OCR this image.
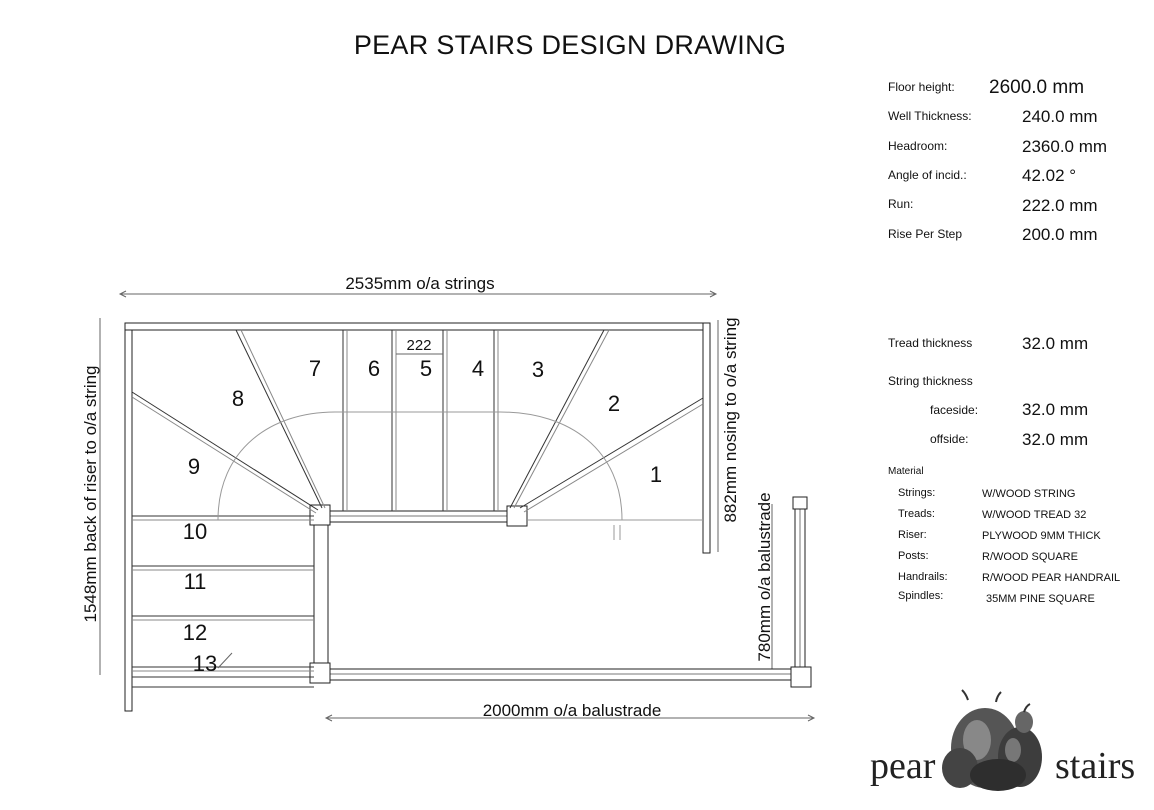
PEAR STAIRS DESIGN DRAWING
Floor height: 2600.0 mm
Well Thickness:	240.0 mm
Headroom:	2360.0 mm
Angle of incid.:	42.02 °
Run:	222.0 mm
Rise Per Step	200.0 mm
Tread thickness	32.0 mm
String thickness
faceside:	32.0 mm
offside:	32.0 mm
Material
Strings:	W/WOOD STRING
Treads:	W/WOOD TREAD 32
Riser:	PLYWOOD 9MM THICK
Posts:	R/WOOD SQUARE
Handrails:	R/WOOD PEAR HANDRAIL
Spindles:	35MM PINE SQUARE
2535mm o/a strings
1548mm back of riser to o/a string	882mm nosing to o/a string
780mm o/a balustrade
2000mm o/a balustrade
222
1
2
3
4
5
6
7
8
9
10
11
12
13
pear	stairs
